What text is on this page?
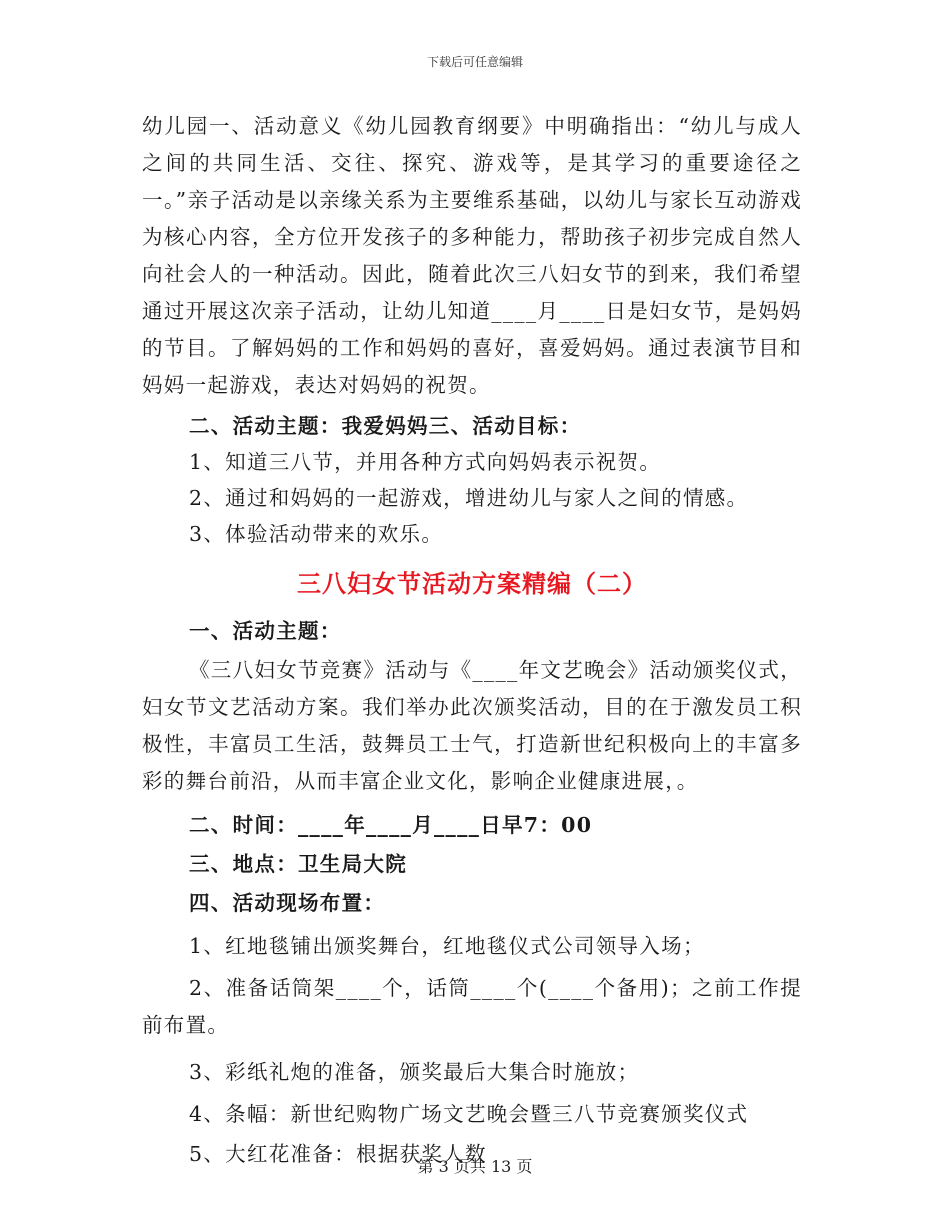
下载后可任意编辑

幼儿园一、活动意义《幼儿园教育纲要》中明确指出：“幼儿与成人之间的共同生活、交往、探究、游戏等，是其学习的重要途径之一。”亲子活动是以亲缘关系为主要维系基础，以幼儿与家长互动游戏为核心内容，全方位开发孩子的多种能力，帮助孩子初步完成自然人向社会人的一种活动。因此，随着此次三八妇女节的到来，我们希望通过开展这次亲子活动，让幼儿知道____月____日是妇女节，是妈妈的节目。了解妈妈的工作和妈妈的喜好，喜爱妈妈。通过表演节目和妈妈一起游戏，表达对妈妈的祝贺。

二、活动主题：我爱妈妈三、活动目标：

1、知道三八节，并用各种方式向妈妈表示祝贺。

2、通过和妈妈的一起游戏，增进幼儿与家人之间的情感。

3、体验活动带来的欢乐。

三八妇女节活动方案精编（二）

一、活动主题：

《三八妇女节竞赛》活动与《____年文艺晚会》活动颁奖仪式，妇女节文艺活动方案。我们举办此次颁奖活动，目的在于激发员工积极性，丰富员工生活，鼓舞员工士气，打造新世纪积极向上的丰富多彩的舞台前沿，从而丰富企业文化，影响企业健康进展，。

二、时间：____年____月____日早7：00

三、地点：卫生局大院

四、活动现场布置：

1、红地毯铺出颁奖舞台，红地毯仪式公司领导入场；

2、准备话筒架____个，话筒____个(____个备用)；之前工作提前布置。

3、彩纸礼炮的准备，颁奖最后大集合时施放；

4、条幅：新世纪购物广场文艺晚会暨三八节竞赛颁奖仪式

5、大红花准备：根据获奖人数

第 3 页共 13 页
